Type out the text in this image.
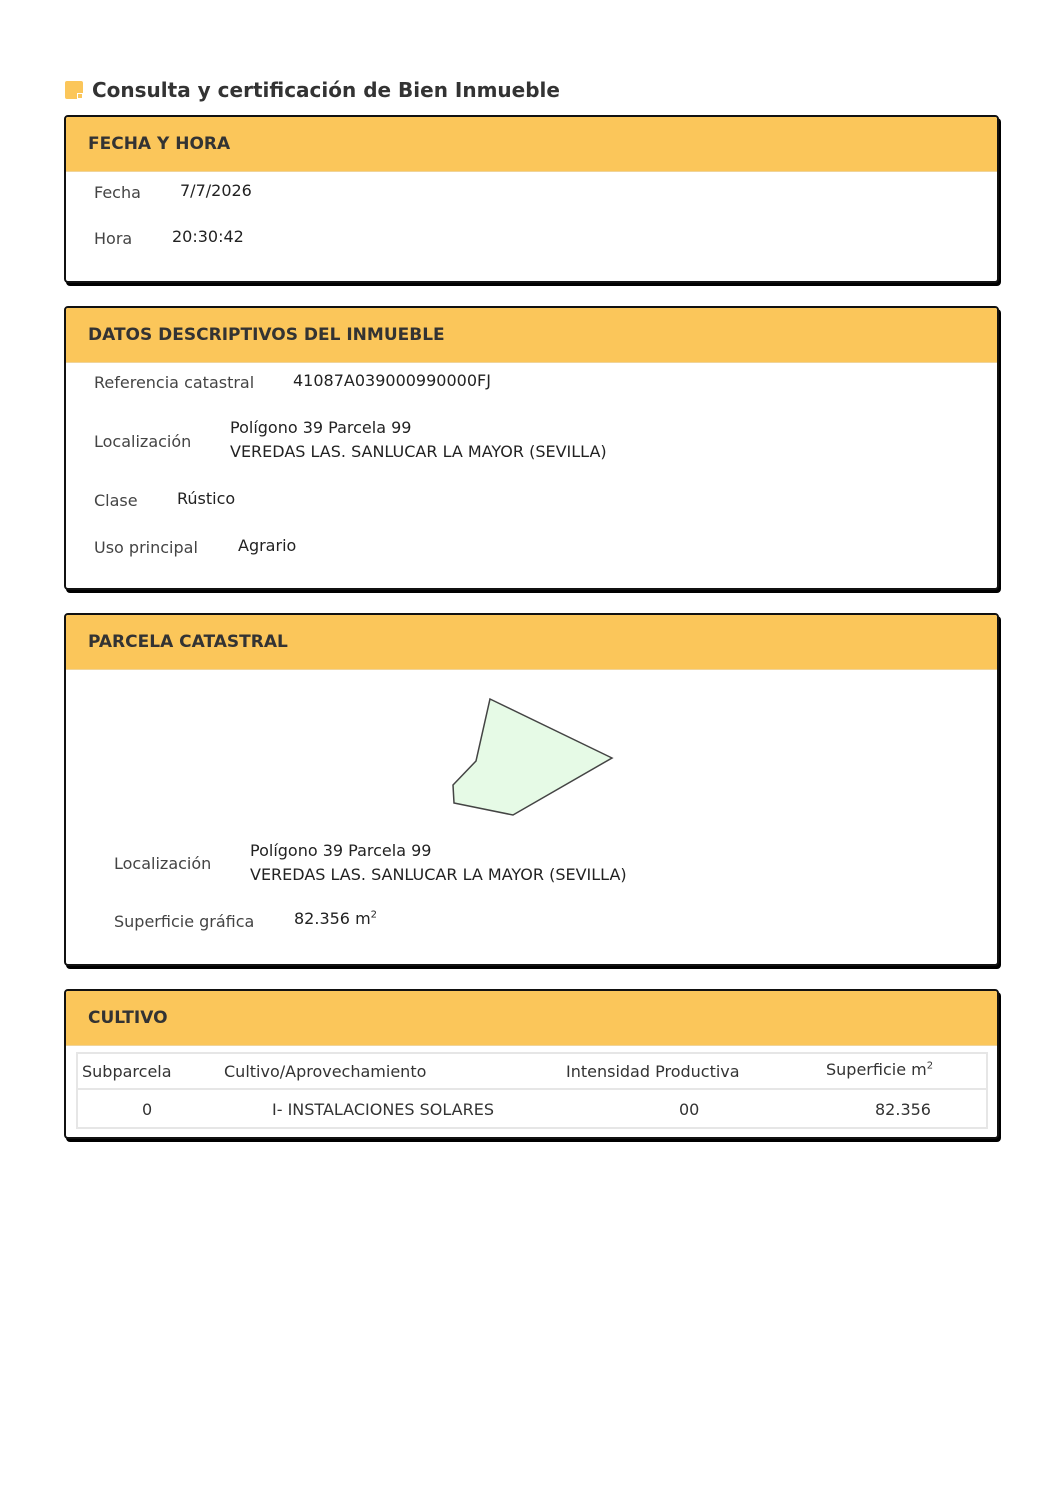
Consulta y certificación de Bien Inmueble
FECHA Y HORA
Fecha 7/7/2026
Hora 20:30:42
DATOS DESCRIPTIVOS DEL INMUEBLE
Referencia catastral 41087A039000990000FJ
Localización
Polígono 39 Parcela 99
VEREDAS LAS. SANLUCAR LA MAYOR (SEVILLA)
Clase Rústico
Uso principal	Agrario
PARCELA CATASTRAL
Localización
Polígono 39 Parcela 99
VEREDAS LAS. SANLUCAR LA MAYOR (SEVILLA)
Superficie gráfica 82.356 $m^2$
CULTIVO
Subparcela	Cultivo/Aprovechamiento	Intensidad Productiva	Superficie $m^2$
0	I- INSTALACIONES SOLARES	00	82.356
